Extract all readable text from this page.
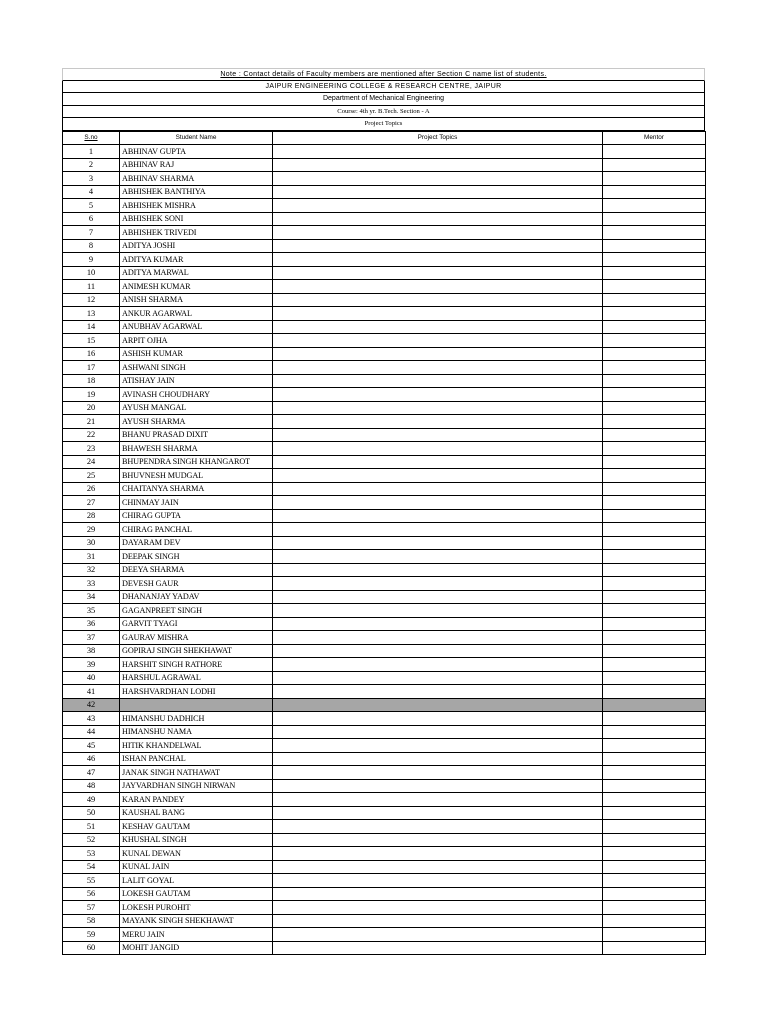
Note : Contact details of Faculty members are mentioned after Section C name list of students.
JAIPUR ENGINEERING COLLEGE & RESEARCH CENTRE, JAIPUR
Department of Mechanical Engineering
Course: 4th yr. B.Tech. Section - A
Project Topics
S.no	Student Name	Project Topics	Mentor
1	ABHINAV GUPTA		
2	ABHINAV RAJ		
3	ABHINAV SHARMA		
4	ABHISHEK BANTHIYA		
5	ABHISHEK MISHRA		
6	ABHISHEK SONI		
7	ABHISHEK TRIVEDI		
8	ADITYA JOSHI		
9	ADITYA KUMAR		
10	ADITYA MARWAL		
11	ANIMESH KUMAR		
12	ANISH SHARMA		
13	ANKUR AGARWAL		
14	ANUBHAV AGARWAL		
15	ARPIT OJHA		
16	ASHISH KUMAR		
17	ASHWANI SINGH		
18	ATISHAY JAIN		
19	AVINASH CHOUDHARY		
20	AYUSH MANGAL		
21	AYUSH SHARMA		
22	BHANU PRASAD DIXIT		
23	BHAWESH SHARMA		
24	BHUPENDRA SINGH KHANGAROT		
25	BHUVNESH MUDGAL		
26	CHAITANYA SHARMA		
27	CHINMAY JAIN		
28	CHIRAG GUPTA		
29	CHIRAG PANCHAL		
30	DAYARAM DEV		
31	DEEPAK SINGH		
32	DEEYA SHARMA		
33	DEVESH GAUR		
34	DHANANJAY YADAV		
35	GAGANPREET SINGH		
36	GARVIT TYAGI		
37	GAURAV MISHRA		
38	GOPIRAJ SINGH SHEKHAWAT		
39	HARSHIT SINGH RATHORE		
40	HARSHUL AGRAWAL		
41	HARSHVARDHAN LODHI		
42			
43	HIMANSHU DADHICH		
44	HIMANSHU NAMA		
45	HITIK KHANDELWAL		
46	ISHAN PANCHAL		
47	JANAK SINGH NATHAWAT		
48	JAYVARDHAN SINGH NIRWAN		
49	KARAN PANDEY		
50	KAUSHAL BANG		
51	KESHAV GAUTAM		
52	KHUSHAL SINGH		
53	KUNAL DEWAN		
54	KUNAL JAIN		
55	LALIT GOYAL		
56	LOKESH GAUTAM		
57	LOKESH PUROHIT		
58	MAYANK SINGH SHEKHAWAT		
59	MERU JAIN		
60	MOHIT JANGID		
